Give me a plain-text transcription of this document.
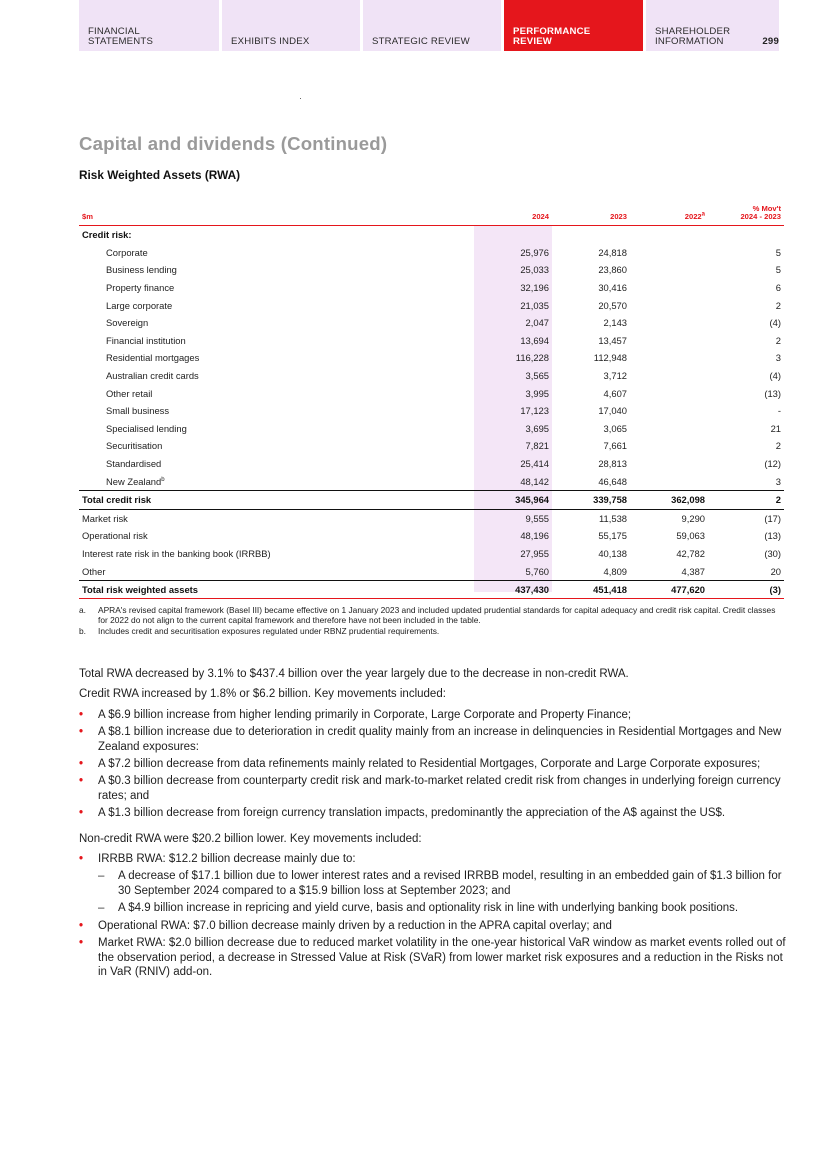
FINANCIAL
STATEMENTS	EXHIBITS INDEX	STRATEGIC REVIEW
PERFORMANCE
REVIEW
SHAREHOLDER
INFORMATION	299
Capital and dividends (Continued)
Risk Weighted Assets (RWA)
$m	2024	2023	2022$^a$	% Mov't
2024 - 2023
Credit risk:				
Corporate	25,976	24,818		5
Business lending	25,033	23,860		5
Property finance	32,196	30,416		6
Large corporate	21,035	20,570		2
Sovereign	2,047	2,143		(4)
Financial institution	13,694	13,457		2
Residential mortgages	116,228	112,948		3
Australian credit cards	3,565	3,712		(4)
Other retail	3,995	4,607		(13)
Small business	17,123	17,040		-
Specialised lending	3,695	3,065		21
Securitisation	7,821	7,661		2
Standardised	25,414	28,813		(12)
New Zealand$^b$	48,142	46,648		3
Total credit risk	345,964	339,758	362,098	2
Market risk	9,555	11,538	9,290	(17)
Operational risk	48,196	55,175	59,063	(13)
Interest rate risk in the banking book (IRRBB)	27,955	40,138	42,782	(30)
Other	5,760	4,809	4,387	20
Total risk weighted assets	437,430	451,418	477,620	(3)
a.	APRA's revised capital framework (Basel III) became effective on 1 January 2023 and included updated prudential standards for capital adequacy and credit risk capital. Credit classes for 2022 do not align to the current capital framework and therefore have not been included in the table.
b.	Includes credit and securitisation exposures regulated under RBNZ prudential requirements.

Total RWA decreased by 3.1% to $437.4 billion over the year largely due to the decrease in non-credit RWA.

Credit RWA increased by 1.8% or $6.2 billion. Key movements included:

• A $6.9 billion increase from higher lending primarily in Corporate, Large Corporate and Property Finance;
• A $8.1 billion increase due to deterioration in credit quality mainly from an increase in delinquencies in Residential Mortgages and New Zealand exposures:
• A $7.2 billion decrease from data refinements mainly related to Residential Mortgages, Corporate and Large Corporate exposures;
• A $0.3 billion decrease from counterparty credit risk and mark-to-market related credit risk from changes in underlying foreign currency rates; and
• A $1.3 billion decrease from foreign currency translation impacts, predominantly the appreciation of the A$ against the US$.

Non-credit RWA were $20.2 billion lower. Key movements included:

• IRRBB RWA: $12.2 billion decrease mainly due to:
– A decrease of $17.1 billion due to lower interest rates and a revised IRRBB model, resulting in an embedded gain of $1.3 billion for 30 September 2024 compared to a $15.9 billion loss at September 2023; and
– A $4.9 billion increase in repricing and yield curve, basis and optionality risk in line with underlying banking book positions.
• Operational RWA: $7.0 billion decrease mainly driven by a reduction in the APRA capital overlay; and
• Market RWA: $2.0 billion decrease due to reduced market volatility in the one-year historical VaR window as market events rolled out of the observation period, a decrease in Stressed Value at Risk (SVaR) from lower market risk exposures and a reduction in the Risks not in VaR (RNIV) add-on.
